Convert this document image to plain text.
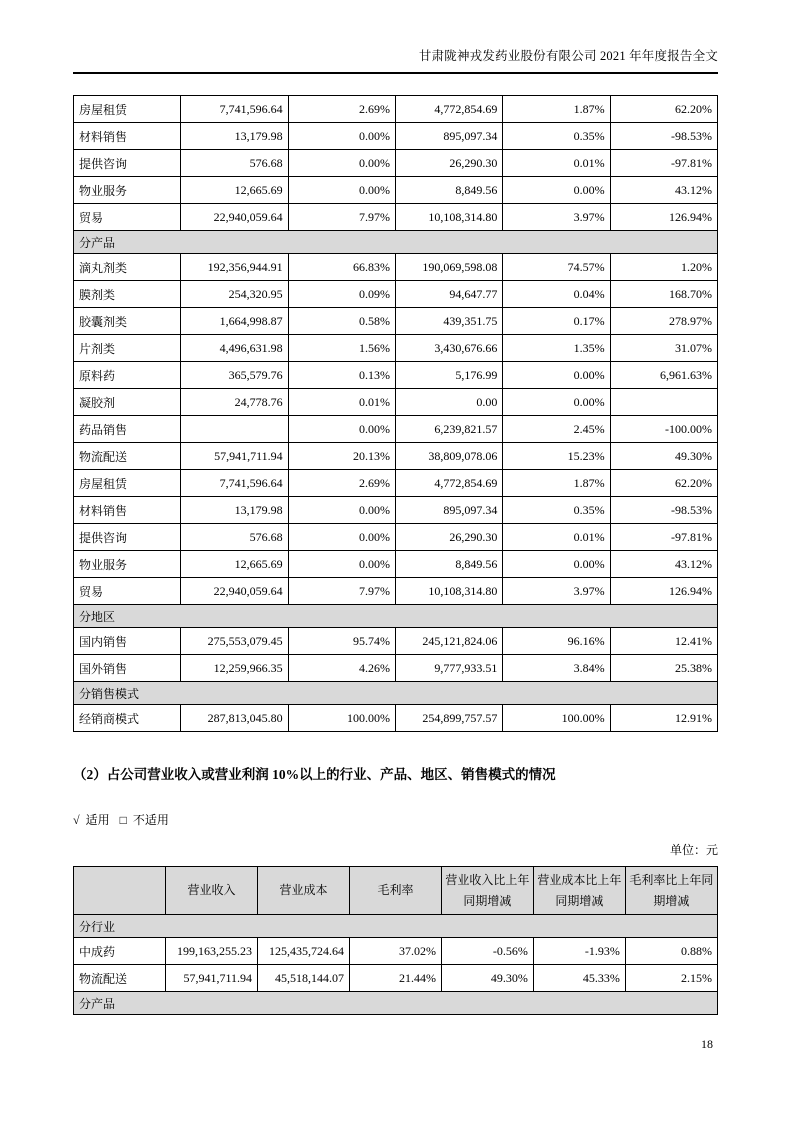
甘肃陇神戎发药业股份有限公司 2021 年年度报告全文
房屋租赁	7,741,596.64	2.69%	4,772,854.69	1.87%	62.20%
材料销售	13,179.98	0.00%	895,097.34	0.35%	-98.53%
提供咨询	576.68	0.00%	26,290.30	0.01%	-97.81%
物业服务	12,665.69	0.00%	8,849.56	0.00%	43.12%
贸易	22,940,059.64	7.97%	10,108,314.80	3.97%	126.94%
分产品					
滴丸剂类	192,356,944.91	66.83%	190,069,598.08	74.57%	1.20%
膜剂类	254,320.95	0.09%	94,647.77	0.04%	168.70%
胶囊剂类	1,664,998.87	0.58%	439,351.75	0.17%	278.97%
片剂类	4,496,631.98	1.56%	3,430,676.66	1.35%	31.07%
原料药	365,579.76	0.13%	5,176.99	0.00%	6,961.63%
凝胶剂	24,778.76	0.01%	0.00	0.00%	
药品销售		0.00%	6,239,821.57	2.45%	-100.00%
物流配送	57,941,711.94	20.13%	38,809,078.06	15.23%	49.30%
房屋租赁	7,741,596.64	2.69%	4,772,854.69	1.87%	62.20%
材料销售	13,179.98	0.00%	895,097.34	0.35%	-98.53%
提供咨询	576.68	0.00%	26,290.30	0.01%	-97.81%
物业服务	12,665.69	0.00%	8,849.56	0.00%	43.12%
贸易	22,940,059.64	7.97%	10,108,314.80	3.97%	126.94%
分地区					
国内销售	275,553,079.45	95.74%	245,121,824.06	96.16%	12.41%
国外销售	12,259,966.35	4.26%	9,777,933.51	3.84%	25.38%
分销售模式					
经销商模式	287,813,045.80	100.00%	254,899,757.57	100.00%	12.91%
（2）占公司营业收入或营业利润 10%以上的行业、产品、地区、销售模式的情况
√ 适用 □ 不适用
单位：元
	营业收入	营业成本	毛利率	营业收入比上年同期增减	营业成本比上年同期增减	毛利率比上年同期增减
分行业						
中成药	199,163,255.23	125,435,724.64	37.02%	-0.56%	-1.93%	0.88%
物流配送	57,941,711.94	45,518,144.07	21.44%	49.30%	45.33%	2.15%
分产品						
18
